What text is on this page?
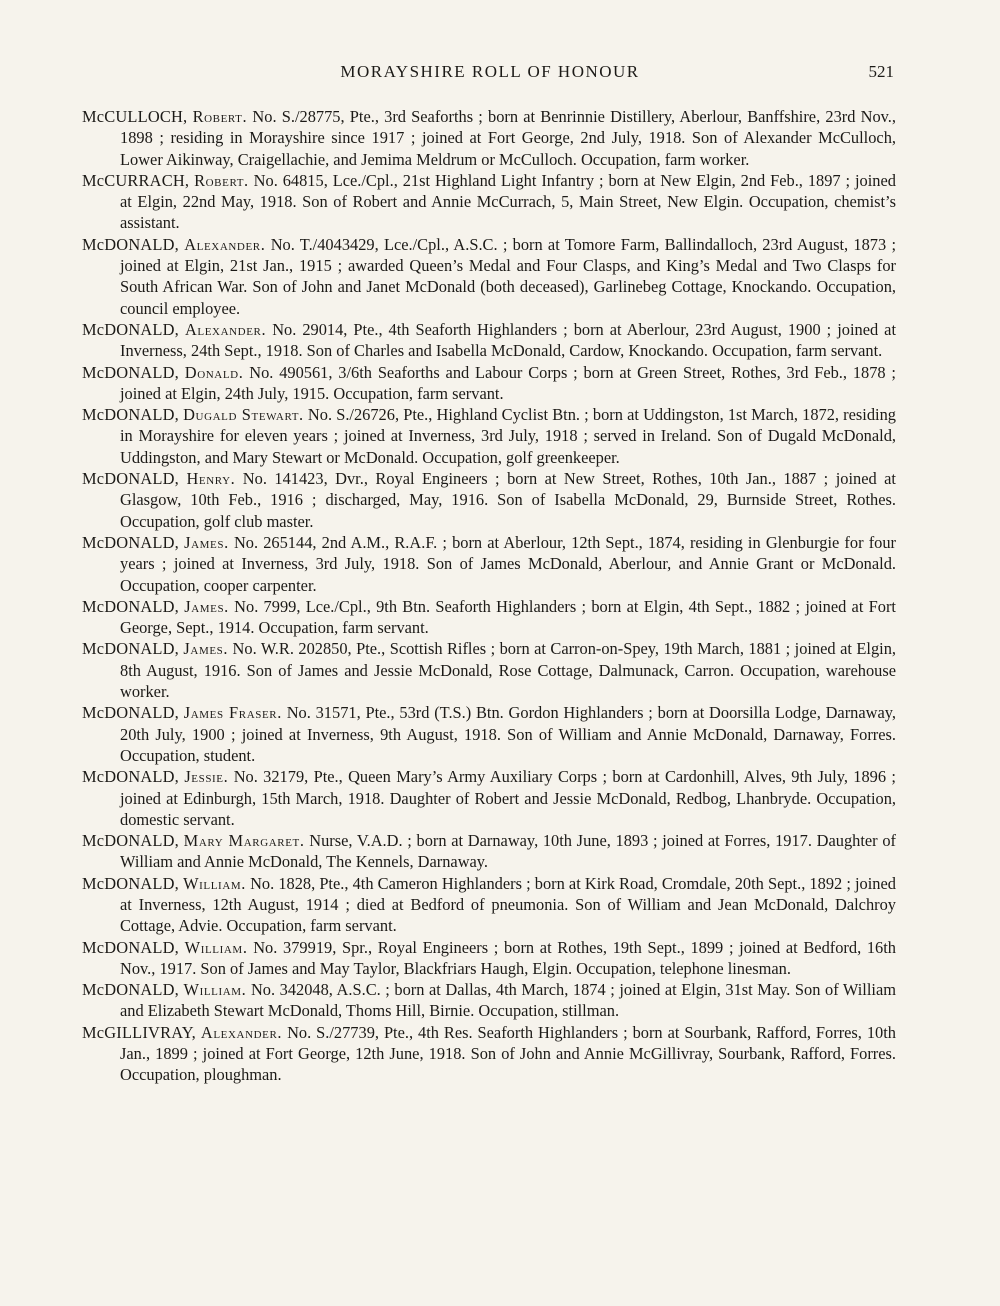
MORAYSHIRE ROLL OF HONOUR	521

McCULLOCH, Robert. No. S./28775, Pte., 3rd Seaforths ; born at Benrinnie Distillery, Aberlour, Banffshire, 23rd Nov., 1898 ; residing in Morayshire since 1917 ; joined at Fort George, 2nd July, 1918. Son of Alexander McCulloch, Lower Aikinway, Craigellachie, and Jemima Meldrum or McCulloch. Occupation, farm worker.

McCURRACH, Robert. No. 64815, Lce./Cpl., 21st Highland Light Infantry ; born at New Elgin, 2nd Feb., 1897 ; joined at Elgin, 22nd May, 1918. Son of Robert and Annie McCurrach, 5, Main Street, New Elgin. Occupation, chemist’s assistant.

McDONALD, Alexander. No. T./4043429, Lce./Cpl., A.S.C. ; born at Tomore Farm, Ballindalloch, 23rd August, 1873 ; joined at Elgin, 21st Jan., 1915 ; awarded Queen’s Medal and Four Clasps, and King’s Medal and Two Clasps for South African War. Son of John and Janet McDonald (both deceased), Garlinebeg Cottage, Knockando. Occupation, council employee.

McDONALD, Alexander. No. 29014, Pte., 4th Seaforth Highlanders ; born at Aberlour, 23rd August, 1900 ; joined at Inverness, 24th Sept., 1918. Son of Charles and Isabella McDonald, Cardow, Knockando. Occupation, farm servant.

McDONALD, Donald. No. 490561, 3/6th Seaforths and Labour Corps ; born at Green Street, Rothes, 3rd Feb., 1878 ; joined at Elgin, 24th July, 1915. Occupation, farm servant.

McDONALD, Dugald Stewart. No. S./26726, Pte., Highland Cyclist Btn. ; born at Uddingston, 1st March, 1872, residing in Morayshire for eleven years ; joined at Inverness, 3rd July, 1918 ; served in Ireland. Son of Dugald McDonald, Uddingston, and Mary Stewart or McDonald. Occupation, golf greenkeeper.

McDONALD, Henry. No. 141423, Dvr., Royal Engineers ; born at New Street, Rothes, 10th Jan., 1887 ; joined at Glasgow, 10th Feb., 1916 ; discharged, May, 1916. Son of Isabella McDonald, 29, Burnside Street, Rothes. Occupation, golf club master.

McDONALD, James. No. 265144, 2nd A.M., R.A.F. ; born at Aberlour, 12th Sept., 1874, residing in Glenburgie for four years ; joined at Inverness, 3rd July, 1918. Son of James McDonald, Aberlour, and Annie Grant or McDonald. Occupation, cooper carpenter.

McDONALD, James. No. 7999, Lce./Cpl., 9th Btn. Seaforth Highlanders ; born at Elgin, 4th Sept., 1882 ; joined at Fort George, Sept., 1914. Occupation, farm servant.

McDONALD, James. No. W.R. 202850, Pte., Scottish Rifles ; born at Carron-on-Spey, 19th March, 1881 ; joined at Elgin, 8th August, 1916. Son of James and Jessie McDonald, Rose Cottage, Dalmunack, Carron. Occupation, warehouse worker.

McDONALD, James Fraser. No. 31571, Pte., 53rd (T.S.) Btn. Gordon Highlanders ; born at Doorsilla Lodge, Darnaway, 20th July, 1900 ; joined at Inverness, 9th August, 1918. Son of William and Annie McDonald, Darnaway, Forres. Occupation, student.

McDONALD, Jessie. No. 32179, Pte., Queen Mary’s Army Auxiliary Corps ; born at Cardonhill, Alves, 9th July, 1896 ; joined at Edinburgh, 15th March, 1918. Daughter of Robert and Jessie McDonald, Redbog, Lhanbryde. Occupation, domestic servant.

McDONALD, Mary Margaret. Nurse, V.A.D. ; born at Darnaway, 10th June, 1893 ; joined at Forres, 1917. Daughter of William and Annie McDonald, The Kennels, Darnaway.

McDONALD, William. No. 1828, Pte., 4th Cameron Highlanders ; born at Kirk Road, Cromdale, 20th Sept., 1892 ; joined at Inverness, 12th August, 1914 ; died at Bedford of pneumonia. Son of William and Jean McDonald, Dalchroy Cottage, Advie. Occupation, farm servant.

McDONALD, William. No. 379919, Spr., Royal Engineers ; born at Rothes, 19th Sept., 1899 ; joined at Bedford, 16th Nov., 1917. Son of James and May Taylor, Blackfriars Haugh, Elgin. Occupation, telephone linesman.

McDONALD, William. No. 342048, A.S.C. ; born at Dallas, 4th March, 1874 ; joined at Elgin, 31st May. Son of William and Elizabeth Stewart McDonald, Thoms Hill, Birnie. Occupation, stillman.

McGILLIVRAY, Alexander. No. S./27739, Pte., 4th Res. Seaforth Highlanders ; born at Sourbank, Rafford, Forres, 10th Jan., 1899 ; joined at Fort George, 12th June, 1918. Son of John and Annie McGillivray, Sourbank, Rafford, Forres. Occupation, ploughman.
